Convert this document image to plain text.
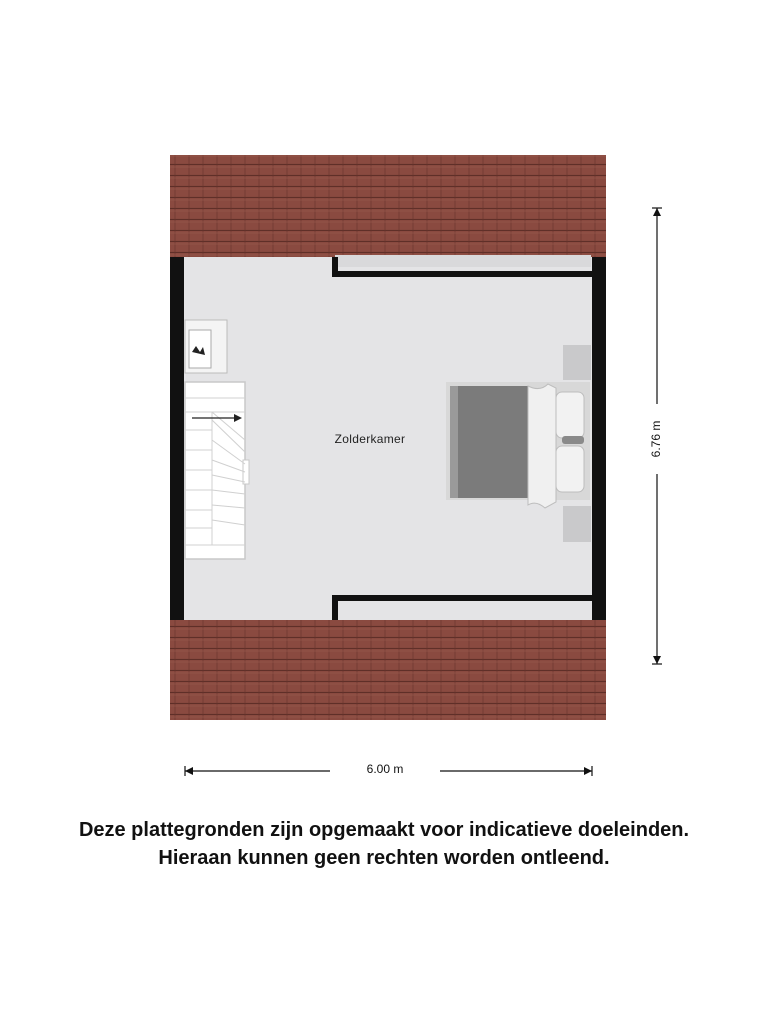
Zolderkamer
6.00 m
6.76 m
Deze plattegronden zijn opgemaakt voor indicatieve doeleinden.
Hieraan kunnen geen rechten worden ontleend.
